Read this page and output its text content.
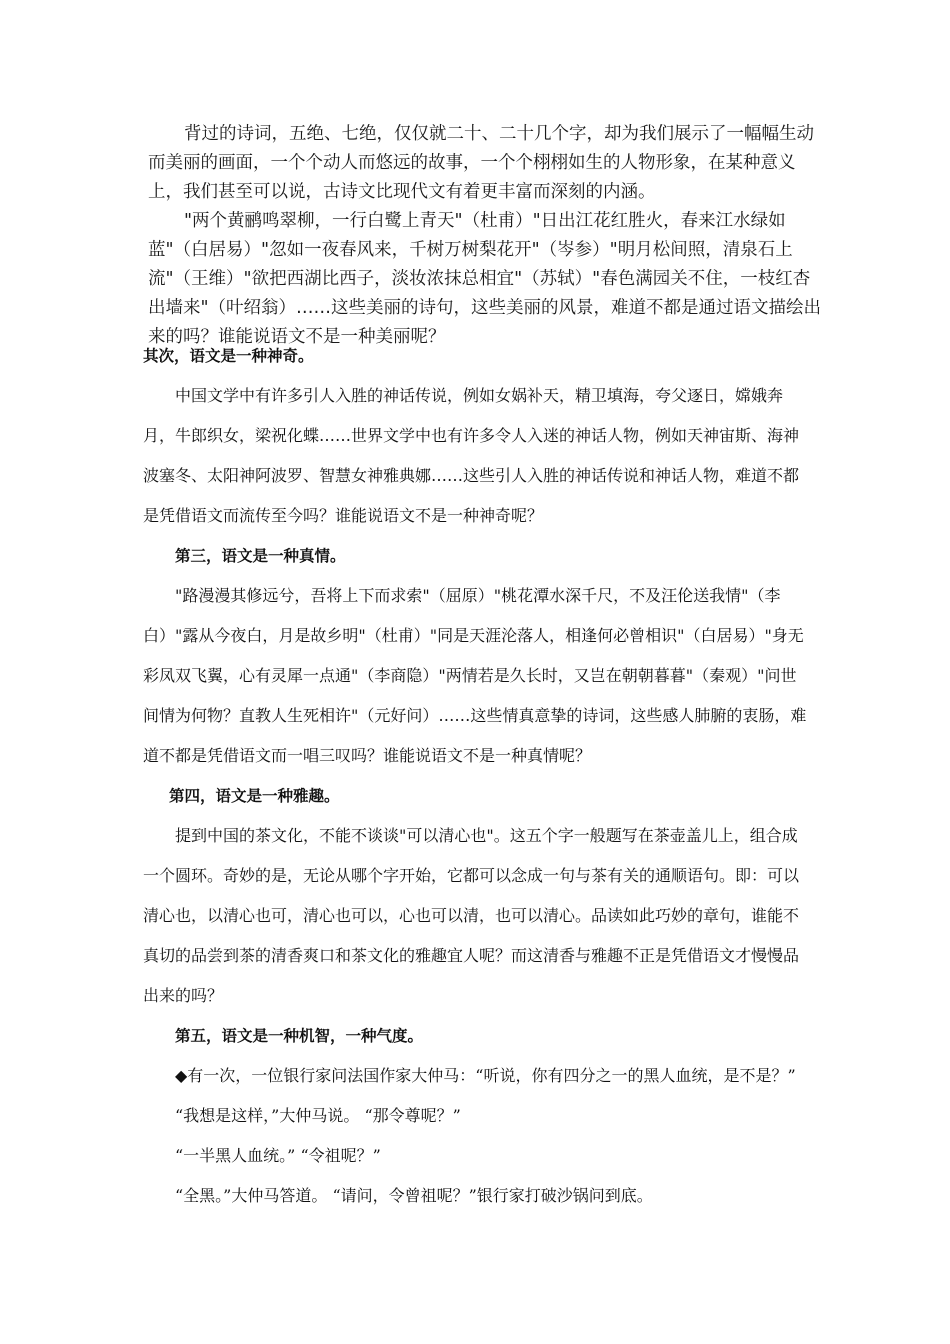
背过的诗词，五绝、七绝，仅仅就二十、二十几个字，却为我们展示了一幅幅生动而美丽的画面，一个个动人而悠远的故事，一个个栩栩如生的人物形象，在某种意义上，我们甚至可以说，古诗文比现代文有着更丰富而深刻的内涵。

"两个黄鹂鸣翠柳，一行白鹭上青天"（杜甫）"日出江花红胜火，春来江水绿如蓝"（白居易）"忽如一夜春风来，千树万树梨花开"（岑参）"明月松间照，清泉石上流"（王维）"欲把西湖比西子，淡妆浓抹总相宜"（苏轼）"春色满园关不住，一枝红杏出墙来"（叶绍翁）……这些美丽的诗句，这些美丽的风景，难道不都是通过语文描绘出来的吗？谁能说语文不是一种美丽呢？

其次，语文是一种神奇。

中国文学中有许多引人入胜的神话传说，例如女娲补天，精卫填海，夸父逐日，嫦娥奔月，牛郎织女，梁祝化蝶……世界文学中也有许多令人入迷的神话人物，例如天神宙斯、海神波塞冬、太阳神阿波罗、智慧女神雅典娜……这些引人入胜的神话传说和神话人物，难道不都是凭借语文而流传至今吗？谁能说语文不是一种神奇呢？

第三，语文是一种真情。

"路漫漫其修远兮，吾将上下而求索"（屈原）"桃花潭水深千尺，不及汪伦送我情"（李白）"露从今夜白，月是故乡明"（杜甫）"同是天涯沦落人，相逢何必曾相识"（白居易）"身无彩凤双飞翼，心有灵犀一点通"（李商隐）"两情若是久长时，又岂在朝朝暮暮"（秦观）"问世间情为何物？直教人生死相许"（元好问）……这些情真意挚的诗词，这些感人肺腑的衷肠，难道不都是凭借语文而一唱三叹吗？谁能说语文不是一种真情呢？

第四，语文是一种雅趣。

提到中国的茶文化，不能不谈谈"可以清心也"。这五个字一般题写在茶壶盖儿上，组合成一个圆环。奇妙的是，无论从哪个字开始，它都可以念成一句与茶有关的通顺语句。即：可以清心也，以清心也可，清心也可以，心也可以清，也可以清心。品读如此巧妙的章句，谁能不真切的品尝到茶的清香爽口和茶文化的雅趣宜人呢？而这清香与雅趣不正是凭借语文才慢慢品出来的吗？

第五，语文是一种机智，一种气度。

◆有一次，一位银行家问法国作家大仲马：“听说，你有四分之一的黑人血统，是不是？”

“我想是这样，”大仲马说。 “那令尊呢？”

“一半黑人血统。” “令祖呢？”

“全黑。”大仲马答道。 “请问，令曾祖呢？”银行家打破沙锅问到底。
